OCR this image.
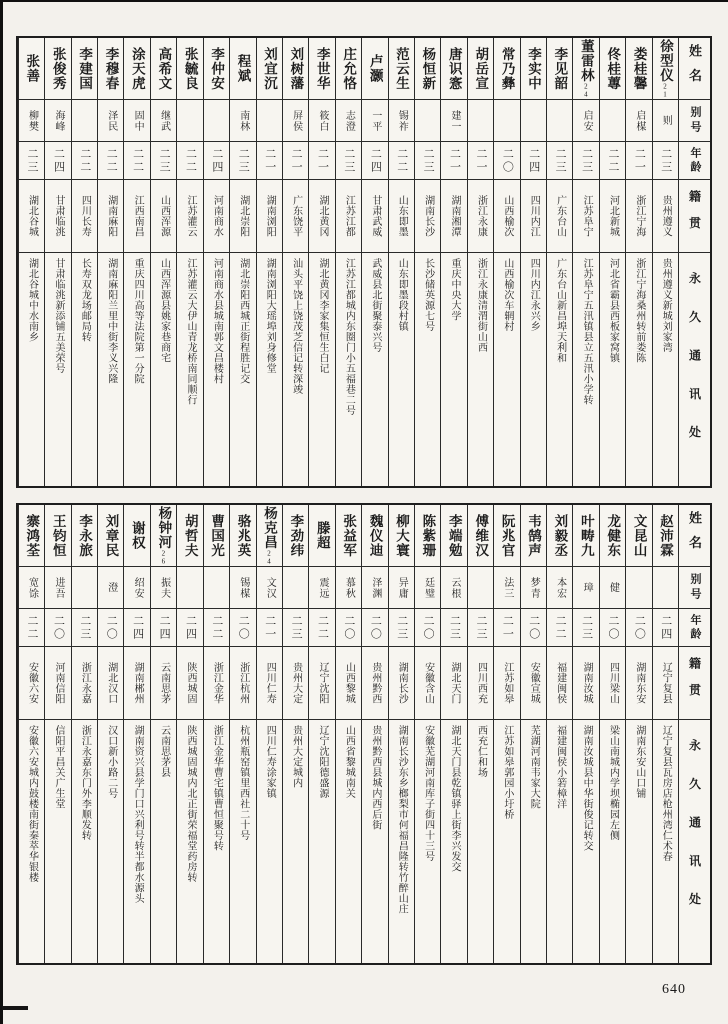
姓名
别号
年龄
籍贯
永久通讯处
徐型仪21
则
二三
贵州遵义
贵州遵义新城刘家湾
娄桂馨
启楳
二一
浙江宁海
浙江宁海桑州转前娄陈
佟桂蓴
二二
河北新城
河北省霸县西板家窝镇
董雷林24
启安
二三
江苏阜宁
江苏阜宁五汛镇县立五汛小学转
李见韶
二三
广东台山
广东台山新昌埠天利和
李实中
二四
四川内江
四川内江永兴乡
常乃彝
二〇
山西榆次
山西榆次车辋村
胡岳宣
二一
浙江永康
浙江永康清渭街山西
唐识愙
建一
二一
湖南湘潭
重庆中央大学
杨恒新
二三
湖南长沙
长沙储英源七号
范云生
锡祚
二二
山东即墨
山东即墨段村镇
卢灏
一平
二四
甘肃武威
武威县北街聚泰兴号
庄允恪
志澄
二三
江苏江都
江苏江都城内东圈门小五福巷二号
李世华
筱白
二一
湖北黄冈
湖北黄冈李家集恒生白记
刘树藩
屏侯
二一
广东饶平
汕头平饶上饶茂芝信记转深竣
刘宜沉
二一
湖南浏阳
湖南浏阳大瑶埠刘身修堂
程斌
南林
二三
湖北崇阳
湖北崇阳西城正街程胜记交
李仲安
二四
河南商水
河南商水县城南郭文昌楼村
张毓良
二二
江苏灌云
江苏灌云大伊山青龙桥南同顺行
高希文
继武
二三
山西浑源
山西浑源县姚家巷商宅
涂天虎
固中
二二
江西南昌
重庆四川高等法院第一分院
李穆春
泽民
二二
湖南麻阳
湖南麻阳兰里中街李义兴隆
李建国
二二
四川长寿
长寿双龙场邮局转
张俊秀
海峰
二四
甘肃临洮
甘肃临洮新添铺五美荣号
张善
柳樊
二三
湖北谷城
湖北谷城中水南乡
姓名
别号
年龄
籍贯
永久通讯处
赵沛霖
二四
辽宁复县
辽宁复县瓦房店枪州湾仁术春
文昆山
二〇
湖南东安
湖南东安山口铺
龙健东
健
二〇
四川梁山
梁山南城内学坝椭园左侧
叶畴九
璋
二三
湖南汝城
湖南汝城县中华街俊记转交
刘毅丞
本宏
二二
福建闽侯
福建闽侯小箬樟洋
韦鹄声
梦青
二〇
安徽宣城
芜湖河南韦家大院
阮兆官
法三
二一
江苏如皋
江苏如皋郭园小圩桥
傅维汉
二三
四川西充
西充仁和场
李端勉
云根
二三
湖北天门
湖北天门县乾镇驿上街李兴发交
陈紫珊
廷璧
二〇
安徽含山
安徽芜湖河南库子街四十三号
柳大寰
异庸
二三
湖南长沙
湖南长沙东乡榔梨市何福昌隆转竹醉山庄
魏仪迪
泽渊
二〇
贵州黔西
贵州黔西县城内西后街
张益军
慕秋
二〇
山西黎城
山西省黎城南关
滕超
震远
二二
辽宁沈阳
辽宁沈阳德盛源
李劲纬
二三
贵州大定
贵州大定城内
杨克昌24
文汉
二一
四川仁寿
四川仁寿涂家镇
骆兆英
锡楳
二〇
浙江杭州
杭州瓶窑镇里西社二十号
曹国光
二二
浙江金华
浙江金华曹宅镇曹恒聚号转
胡哲夫
二四
陕西城固
陕西城固城内北正街荣福堂药房转
杨钟河26
振夫
二四
云南思茅
云南思茅县
谢权
绍安
二四
湖南郴州
湖南资兴县学门口兴利号转半都水源头
刘章民
澄
二〇
湖北汉口
汉口新小路二号
李永旅
二三
浙江永嘉
浙江永嘉东门外李顺发转
王钧恒
进吾
二〇
河南信阳
信阳平昌关广生堂
寨鸿荃
宽馀
二二
安徽六安
安徽六安城内鼓楼南街秦萃华银楼
640
